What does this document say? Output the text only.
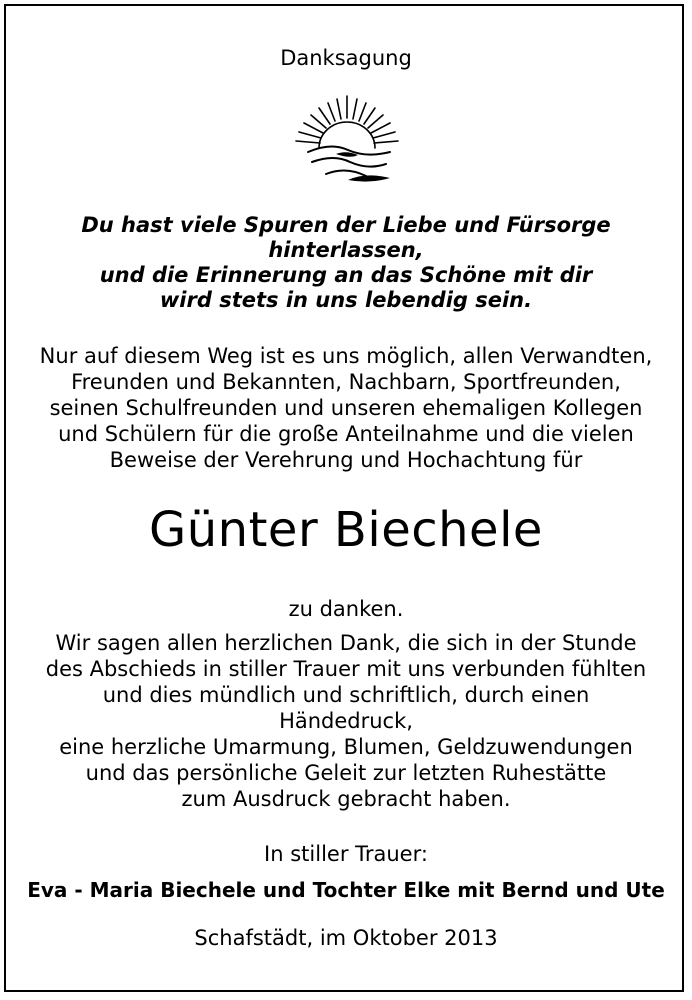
Danksagung
Du hast viele Spuren der Liebe und Fürsorge
hinterlassen,
und die Erinnerung an das Schöne mit dir
wird stets in uns lebendig sein.
Nur auf diesem Weg ist es uns möglich, allen Verwandten,
Freunden und Bekannten, Nachbarn, Sportfreunden,
seinen Schulfreunden und unseren ehemaligen Kollegen
und Schülern für die große Anteilnahme und die vielen
Beweise der Verehrung und Hochachtung für
Günter Biechele
zu danken.
Wir sagen allen herzlichen Dank, die sich in der Stunde
des Abschieds in stiller Trauer mit uns verbunden fühlten
und dies mündlich und schriftlich, durch einen
Händedruck,
eine herzliche Umarmung, Blumen, Geldzuwendungen
und das persönliche Geleit zur letzten Ruhestätte
zum Ausdruck gebracht haben.
In stiller Trauer:
Eva - Maria Biechele und Tochter Elke mit Bernd und Ute
Schafstädt, im Oktober 2013
